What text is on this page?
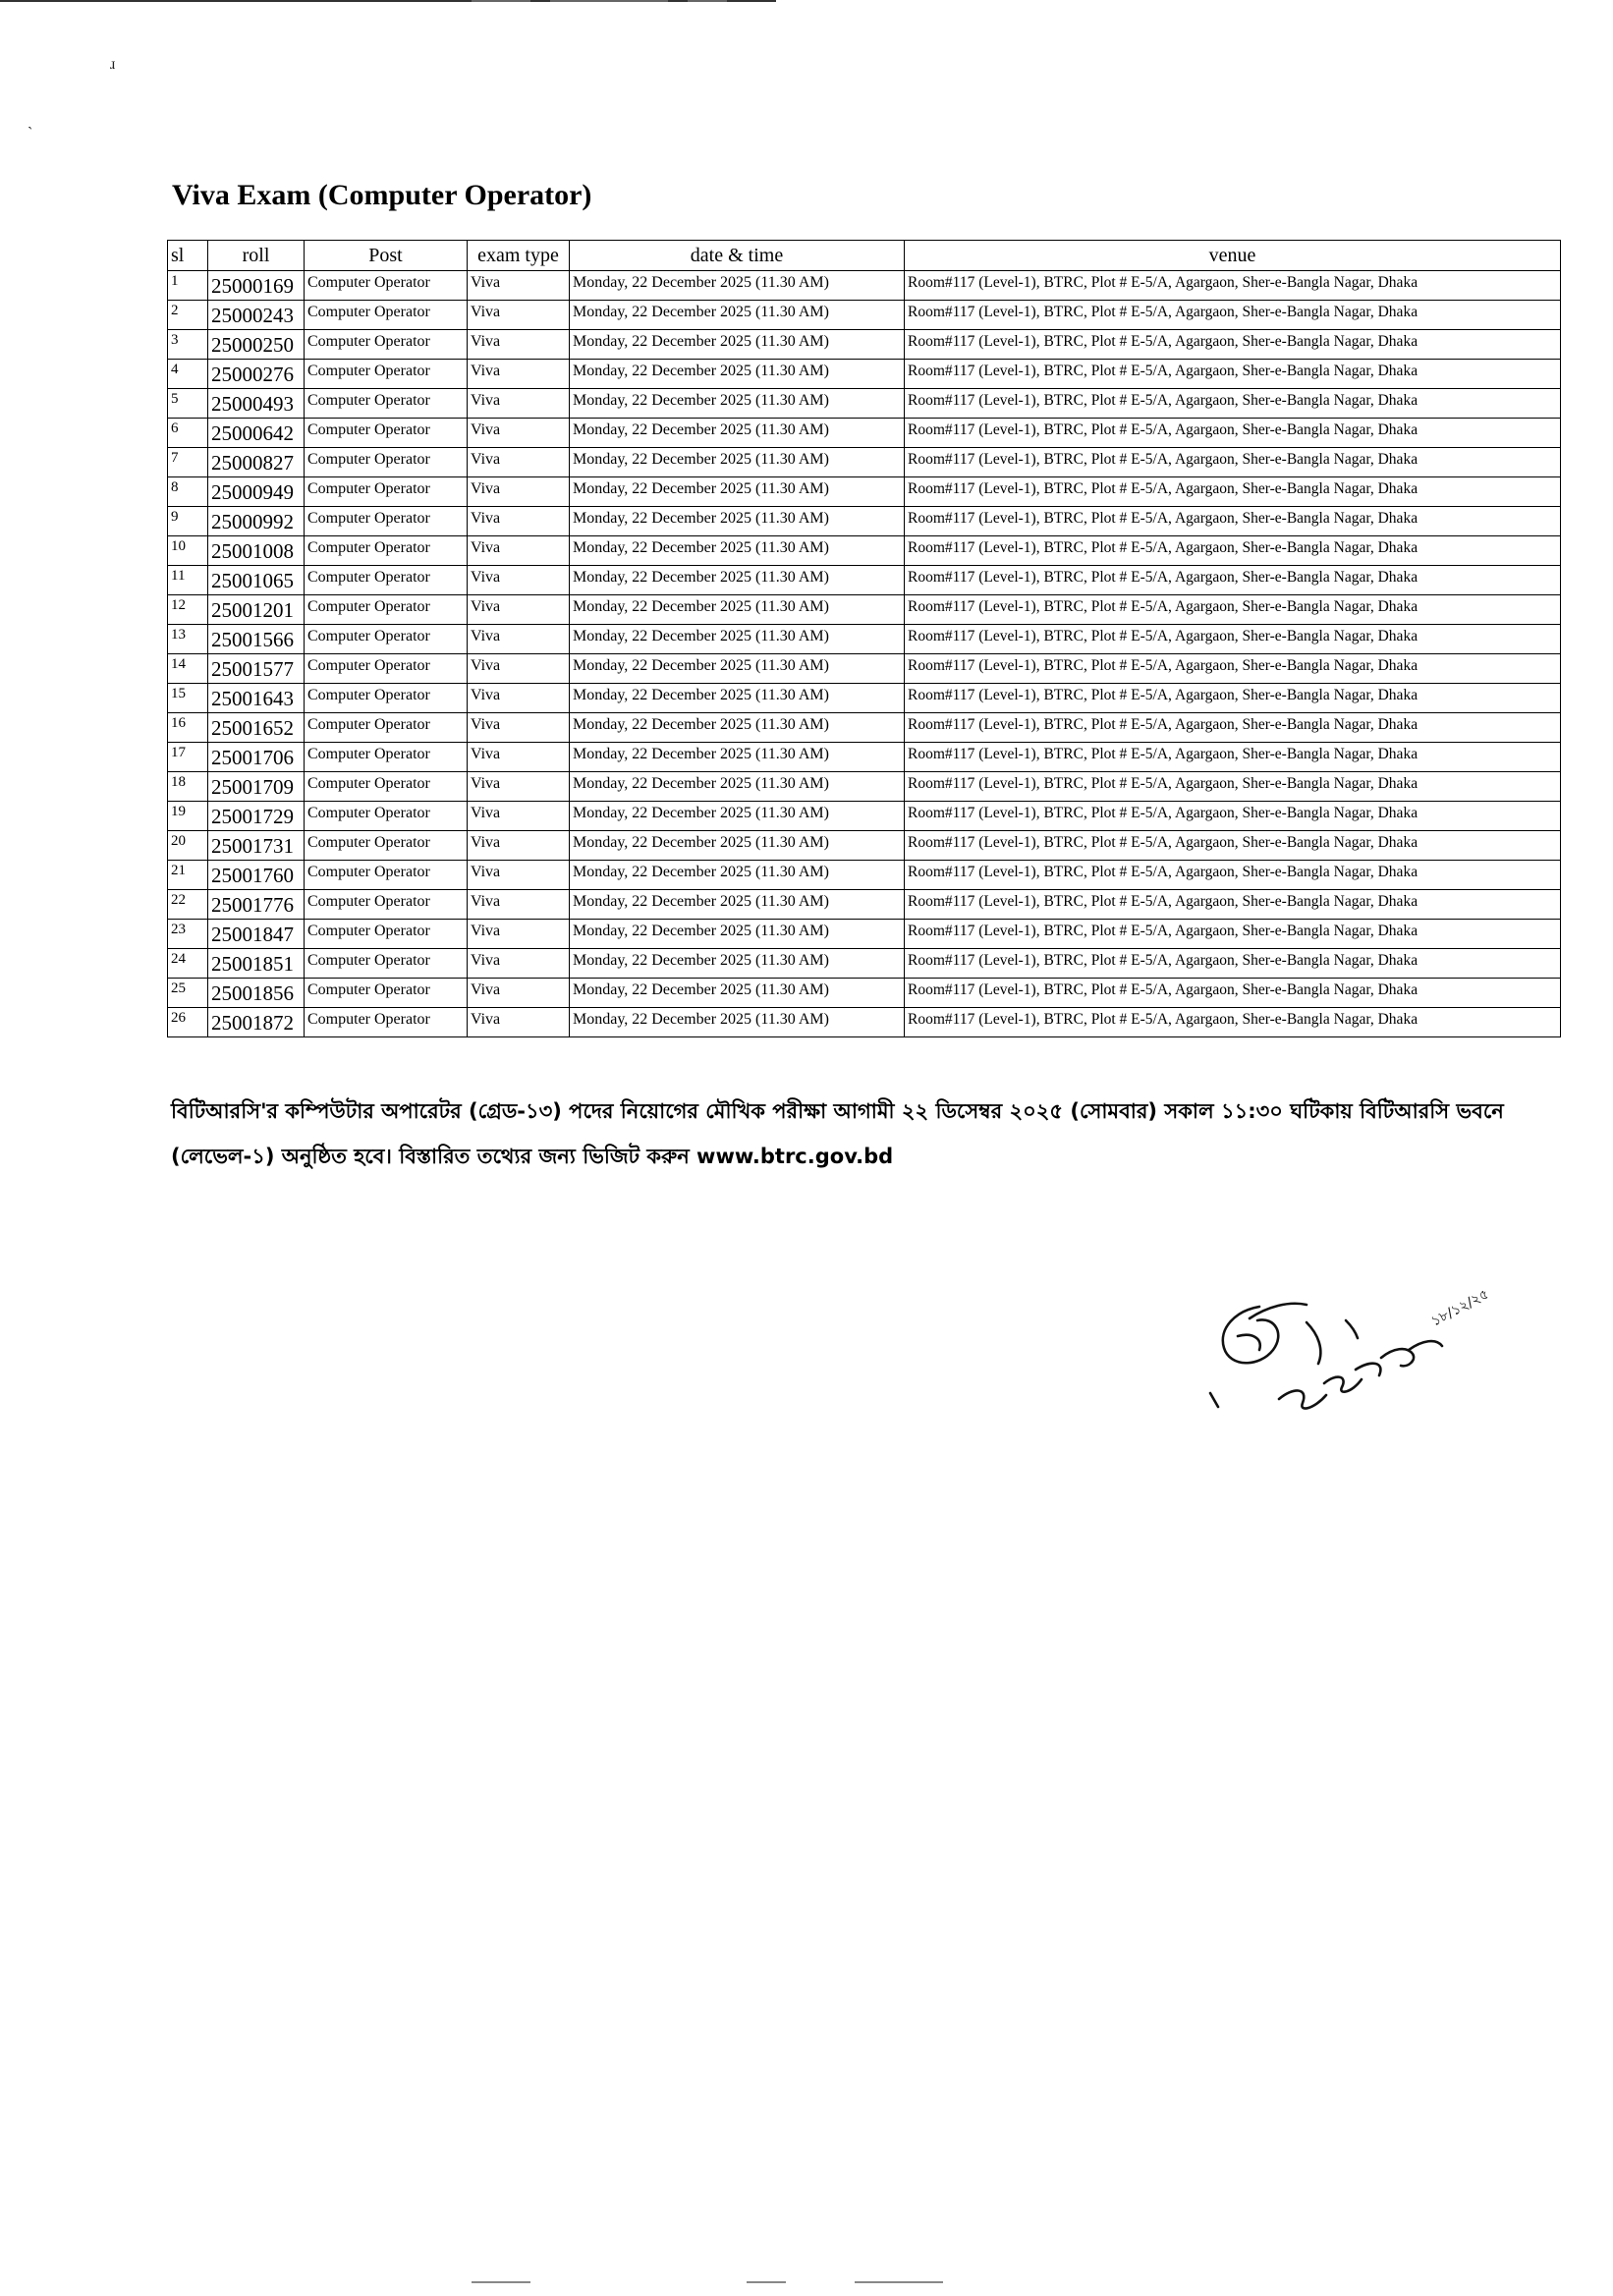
ɹ
ˎ
Viva Exam (Computer Operator)
sl	roll	Post	exam type	date & time	venue
1	25000169	Computer Operator	Viva	Monday, 22 December 2025 (11.30 AM)	Room#117 (Level-1), BTRC, Plot # E-5/A, Agargaon, Sher-e-Bangla Nagar, Dhaka
2	25000243	Computer Operator	Viva	Monday, 22 December 2025 (11.30 AM)	Room#117 (Level-1), BTRC, Plot # E-5/A, Agargaon, Sher-e-Bangla Nagar, Dhaka
3	25000250	Computer Operator	Viva	Monday, 22 December 2025 (11.30 AM)	Room#117 (Level-1), BTRC, Plot # E-5/A, Agargaon, Sher-e-Bangla Nagar, Dhaka
4	25000276	Computer Operator	Viva	Monday, 22 December 2025 (11.30 AM)	Room#117 (Level-1), BTRC, Plot # E-5/A, Agargaon, Sher-e-Bangla Nagar, Dhaka
5	25000493	Computer Operator	Viva	Monday, 22 December 2025 (11.30 AM)	Room#117 (Level-1), BTRC, Plot # E-5/A, Agargaon, Sher-e-Bangla Nagar, Dhaka
6	25000642	Computer Operator	Viva	Monday, 22 December 2025 (11.30 AM)	Room#117 (Level-1), BTRC, Plot # E-5/A, Agargaon, Sher-e-Bangla Nagar, Dhaka
7	25000827	Computer Operator	Viva	Monday, 22 December 2025 (11.30 AM)	Room#117 (Level-1), BTRC, Plot # E-5/A, Agargaon, Sher-e-Bangla Nagar, Dhaka
8	25000949	Computer Operator	Viva	Monday, 22 December 2025 (11.30 AM)	Room#117 (Level-1), BTRC, Plot # E-5/A, Agargaon, Sher-e-Bangla Nagar, Dhaka
9	25000992	Computer Operator	Viva	Monday, 22 December 2025 (11.30 AM)	Room#117 (Level-1), BTRC, Plot # E-5/A, Agargaon, Sher-e-Bangla Nagar, Dhaka
10	25001008	Computer Operator	Viva	Monday, 22 December 2025 (11.30 AM)	Room#117 (Level-1), BTRC, Plot # E-5/A, Agargaon, Sher-e-Bangla Nagar, Dhaka
11	25001065	Computer Operator	Viva	Monday, 22 December 2025 (11.30 AM)	Room#117 (Level-1), BTRC, Plot # E-5/A, Agargaon, Sher-e-Bangla Nagar, Dhaka
12	25001201	Computer Operator	Viva	Monday, 22 December 2025 (11.30 AM)	Room#117 (Level-1), BTRC, Plot # E-5/A, Agargaon, Sher-e-Bangla Nagar, Dhaka
13	25001566	Computer Operator	Viva	Monday, 22 December 2025 (11.30 AM)	Room#117 (Level-1), BTRC, Plot # E-5/A, Agargaon, Sher-e-Bangla Nagar, Dhaka
14	25001577	Computer Operator	Viva	Monday, 22 December 2025 (11.30 AM)	Room#117 (Level-1), BTRC, Plot # E-5/A, Agargaon, Sher-e-Bangla Nagar, Dhaka
15	25001643	Computer Operator	Viva	Monday, 22 December 2025 (11.30 AM)	Room#117 (Level-1), BTRC, Plot # E-5/A, Agargaon, Sher-e-Bangla Nagar, Dhaka
16	25001652	Computer Operator	Viva	Monday, 22 December 2025 (11.30 AM)	Room#117 (Level-1), BTRC, Plot # E-5/A, Agargaon, Sher-e-Bangla Nagar, Dhaka
17	25001706	Computer Operator	Viva	Monday, 22 December 2025 (11.30 AM)	Room#117 (Level-1), BTRC, Plot # E-5/A, Agargaon, Sher-e-Bangla Nagar, Dhaka
18	25001709	Computer Operator	Viva	Monday, 22 December 2025 (11.30 AM)	Room#117 (Level-1), BTRC, Plot # E-5/A, Agargaon, Sher-e-Bangla Nagar, Dhaka
19	25001729	Computer Operator	Viva	Monday, 22 December 2025 (11.30 AM)	Room#117 (Level-1), BTRC, Plot # E-5/A, Agargaon, Sher-e-Bangla Nagar, Dhaka
20	25001731	Computer Operator	Viva	Monday, 22 December 2025 (11.30 AM)	Room#117 (Level-1), BTRC, Plot # E-5/A, Agargaon, Sher-e-Bangla Nagar, Dhaka
21	25001760	Computer Operator	Viva	Monday, 22 December 2025 (11.30 AM)	Room#117 (Level-1), BTRC, Plot # E-5/A, Agargaon, Sher-e-Bangla Nagar, Dhaka
22	25001776	Computer Operator	Viva	Monday, 22 December 2025 (11.30 AM)	Room#117 (Level-1), BTRC, Plot # E-5/A, Agargaon, Sher-e-Bangla Nagar, Dhaka
23	25001847	Computer Operator	Viva	Monday, 22 December 2025 (11.30 AM)	Room#117 (Level-1), BTRC, Plot # E-5/A, Agargaon, Sher-e-Bangla Nagar, Dhaka
24	25001851	Computer Operator	Viva	Monday, 22 December 2025 (11.30 AM)	Room#117 (Level-1), BTRC, Plot # E-5/A, Agargaon, Sher-e-Bangla Nagar, Dhaka
25	25001856	Computer Operator	Viva	Monday, 22 December 2025 (11.30 AM)	Room#117 (Level-1), BTRC, Plot # E-5/A, Agargaon, Sher-e-Bangla Nagar, Dhaka
26	25001872	Computer Operator	Viva	Monday, 22 December 2025 (11.30 AM)	Room#117 (Level-1), BTRC, Plot # E-5/A, Agargaon, Sher-e-Bangla Nagar, Dhaka

বিটিআরসি'র কম্পিউটার অপারেটর (গ্রেড-১৩) পদের নিয়োগের মৌখিক পরীক্ষা আগামী ২২ ডিসেম্বর ২০২৫ (সোমবার) সকাল ১১:৩০ ঘটিকায় বিটিআরসি ভবনে (লেভেল-১) অনুষ্ঠিত হবে। বিস্তারিত তথ্যের জন্য ভিজিট করুন www.btrc.gov.bd

১৮/১২/২৫
